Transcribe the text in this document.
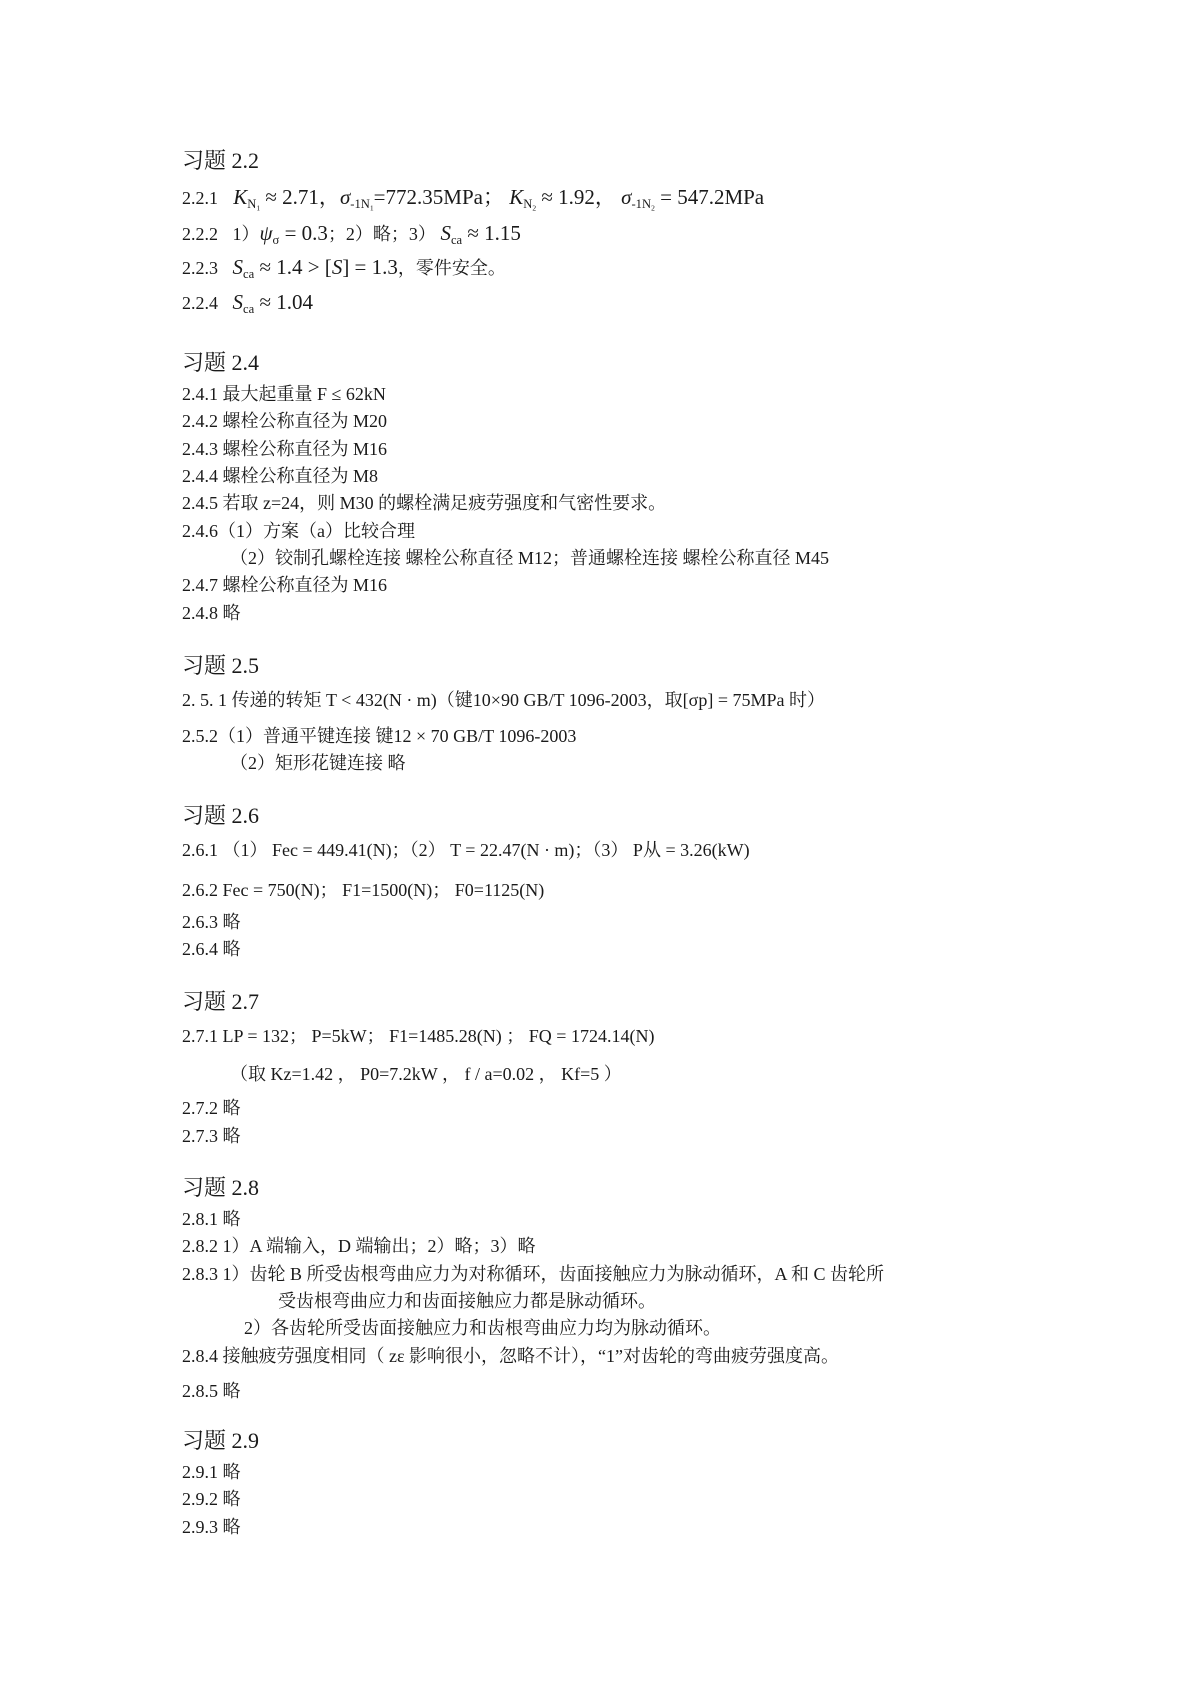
习题 2.2
2.2.1 $K_{N_1} \approx 2.71$，$\sigma_{-1N_1}=772.35MPa$； $K_{N_2} \approx 1.92$， $\sigma_{-1N_2} = 547.2MPa$
2.2.2 $1)\psi_\sigma = 0.3$；2）略；3） $S_{ca} \approx 1.15$
2.2.3 $S_{ca} \approx 1.4 > [S] = 1.3$，零件安全。
2.2.4 $S_{ca} \approx 1.04$
习题 2.4
2.4.1 最大起重量 F ≤ 62kN
2.4.2 螺栓公称直径为 M20
2.4.3 螺栓公称直径为 M16
2.4.4 螺栓公称直径为 M8
2.4.5 若取 z=24，则 M30 的螺栓满足疲劳强度和气密性要求。
2.4.6（1）方案（a）比较合理
（2）铰制孔螺栓连接 螺栓公称直径 M12；普通螺栓连接 螺栓公称直径 M45
2.4.7 螺栓公称直径为 M16
2.4.8 略
习题 2.5
2. 5. 1 传递的转矩 T < 432(N · m)（键10×90 GB/T 1096-2003，取[σp] = 75MPa 时）
2.5.2（1）普通平键连接 键12 × 70 GB/T 1096-2003
（2）矩形花键连接 略
习题 2.6
2.6.1 （1） Fec = 449.41(N)；（2） T = 22.47(N · m)；（3） P从 = 3.26(kW)
2.6.2 Fec = 750(N)； F1=1500(N)； F0=1125(N)
2.6.3 略
2.6.4 略
习题 2.7
2.7.1 LP = 132； P=5kW； F1=1485.28(N) ； FQ = 1724.14(N)
（取 Kz=1.42 ， P0=7.2kW ， f / a=0.02 ， Kf=5 ）
2.7.2 略
2.7.3 略
习题 2.8
2.8.1 略
2.8.2 1）A 端输入，D 端输出；2）略；3）略
2.8.3 1）齿轮 B 所受齿根弯曲应力为对称循环，齿面接触应力为脉动循环，A 和 C 齿轮所
受齿根弯曲应力和齿面接触应力都是脉动循环。
2）各齿轮所受齿面接触应力和齿根弯曲应力均为脉动循环。
2.8.4 接触疲劳强度相同（ zε 影响很小，忽略不计），“1”对齿轮的弯曲疲劳强度高。
2.8.5 略
习题 2.9
2.9.1 略
2.9.2 略
2.9.3 略
